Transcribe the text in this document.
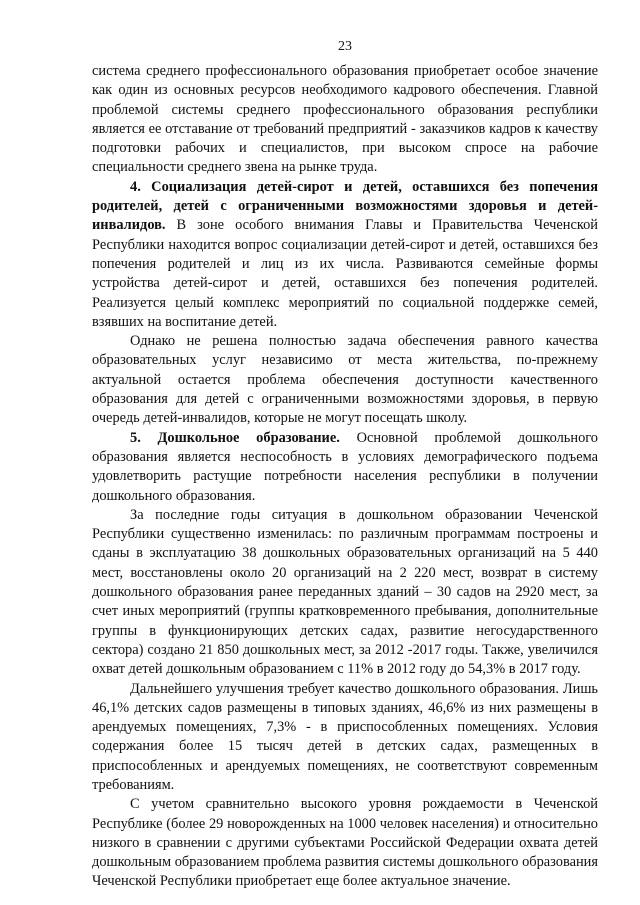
23

система среднего профессионального образования приобретает особое значение как один из основных ресурсов необходимого кадрового обеспечения. Главной проблемой системы среднего профессионального образования республики является ее отставание от требований предприятий - заказчиков кадров к качеству подготовки рабочих и специалистов, при высоком спросе на рабочие специальности среднего звена на рынке труда.

4. Социализация детей-сирот и детей, оставшихся без попечения родителей, детей с ограниченными возможностями здоровья и детей-инвалидов. В зоне особого внимания Главы и Правительства Чеченской Республики находится вопрос социализации детей-сирот и детей, оставшихся без попечения родителей и лиц из их числа. Развиваются семейные формы устройства детей-сирот и детей, оставшихся без попечения родителей. Реализуется целый комплекс мероприятий по социальной поддержке семей, взявших на воспитание детей.

Однако не решена полностью задача обеспечения равного качества образовательных услуг независимо от места жительства, по-прежнему актуальной остается проблема обеспечения доступности качественного образования для детей с ограниченными возможностями здоровья, в первую очередь детей-инвалидов, которые не могут посещать школу.

5. Дошкольное образование. Основной проблемой дошкольного образования является неспособность в условиях демографического подъема удовлетворить растущие потребности населения республики в получении дошкольного образования.

За последние годы ситуация в дошкольном образовании Чеченской Республики существенно изменилась: по различным программам построены и сданы в эксплуатацию 38 дошкольных образовательных организаций на 5 440 мест, восстановлены около 20 организаций на 2 220 мест, возврат в систему дошкольного образования ранее переданных зданий – 30 садов на 2920 мест, за счет иных мероприятий (группы кратковременного пребывания, дополнительные группы в функционирующих детских садах, развитие негосударственного сектора) создано 21 850 дошкольных мест, за 2012 -2017 годы. Также, увеличился охват детей дошкольным образованием с 11% в 2012 году до 54,3% в 2017 году.

Дальнейшего улучшения требует качество дошкольного образования. Лишь 46,1% детских садов размещены в типовых зданиях, 46,6% из них размещены в арендуемых помещениях, 7,3% - в приспособленных помещениях. Условия содержания более 15 тысяч детей в детских садах, размещенных в приспособленных и арендуемых помещениях, не соответствуют современным требованиям.

С учетом сравнительно высокого уровня рождаемости в Чеченской Республике (более 29 новорожденных на 1000 человек населения) и относительно низкого в сравнении с другими субъектами Российской Федерации охвата детей дошкольным образованием проблема развития системы дошкольного образования Чеченской Республики приобретает еще более актуальное значение.
